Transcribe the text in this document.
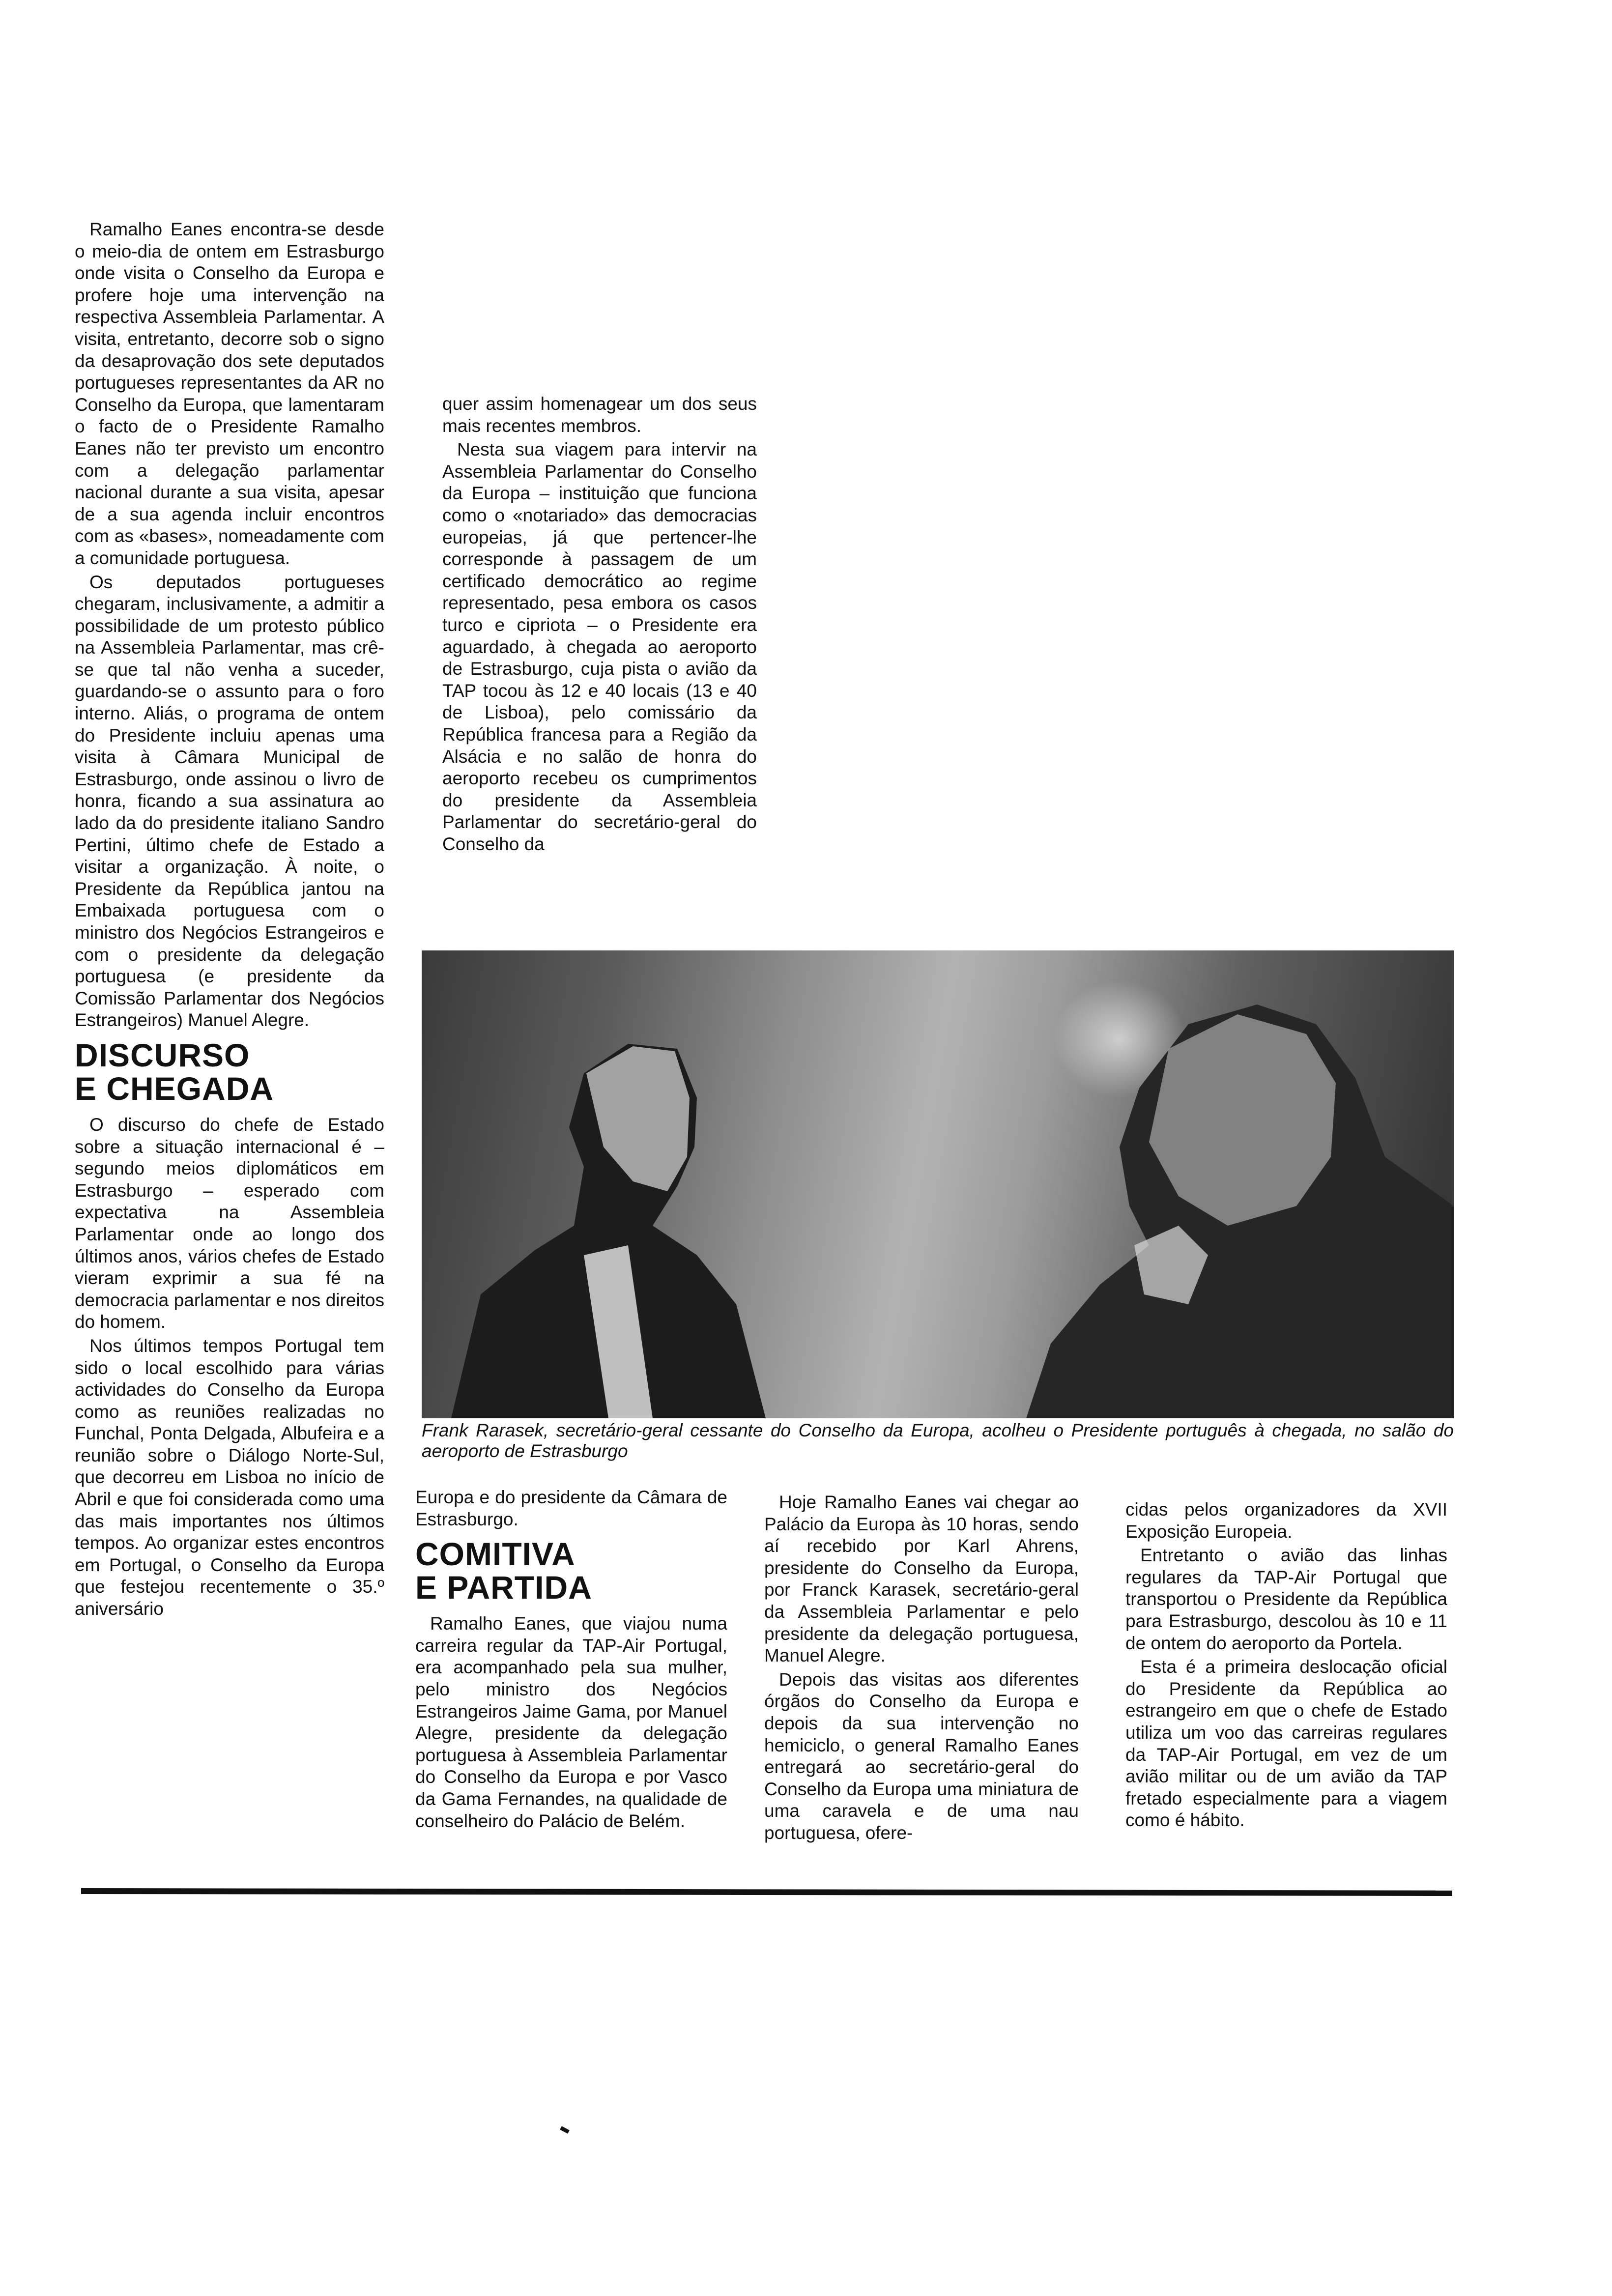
Ramalho Eanes encontra-se desde o meio-dia de ontem em Estrasburgo onde visita o Conselho da Europa e profere hoje uma intervenção na respectiva Assembleia Parlamentar. A visita, entretanto, decorre sob o signo da desaprovação dos sete deputados portugueses representantes da AR no Conselho da Europa, que lamentaram o facto de o Presidente Ramalho Eanes não ter previsto um encontro com a delegação parlamentar nacional durante a sua visita, apesar de a sua agenda incluir encontros com as «bases», nomeadamente com a comunidade portuguesa.

Os deputados portugueses chegaram, inclusivamente, a admitir a possibilidade de um protesto público na Assembleia Parlamentar, mas crê-se que tal não venha a suceder, guardando-se o assunto para o foro interno. Aliás, o programa de ontem do Presidente incluiu apenas uma visita à Câmara Municipal de Estrasburgo, onde assinou o livro de honra, ficando a sua assinatura ao lado da do presidente italiano Sandro Pertini, último chefe de Estado a visitar a organização. À noite, o Presidente da República jantou na Embaixada portuguesa com o ministro dos Negócios Estrangeiros e com o presidente da delegação portuguesa (e presidente da Comissão Parlamentar dos Negócios Estrangeiros) Manuel Alegre.

DISCURSO
E CHEGADA

O discurso do chefe de Estado sobre a situação internacional é – segundo meios diplomáticos em Estrasburgo – esperado com expectativa na Assembleia Parlamentar onde ao longo dos últimos anos, vários chefes de Estado vieram exprimir a sua fé na democracia parlamentar e nos direitos do homem.

Nos últimos tempos Portugal tem sido o local escolhido para várias actividades do Conselho da Europa como as reuniões realizadas no Funchal, Ponta Delgada, Albufeira e a reunião sobre o Diálogo Norte-Sul, que decorreu em Lisboa no início de Abril e que foi considerada como uma das mais importantes nos últimos tempos. Ao organizar estes encontros em Portugal, o Conselho da Europa que festejou recentemente o 35.º aniversário

quer assim homenagear um dos seus mais recentes membros.

Nesta sua viagem para intervir na Assembleia Parlamentar do Conselho da Europa – instituição que funciona como o «notariado» das democracias europeias, já que pertencer-lhe corresponde à passagem de um certificado democrático ao regime representado, pesa embora os casos turco e cipriota – o Presidente era aguardado, à chegada ao aeroporto de Estrasburgo, cuja pista o avião da TAP tocou às 12 e 40 locais (13 e 40 de Lisboa), pelo comissário da República francesa para a Região da Alsácia e no salão de honra do aeroporto recebeu os cumprimentos do presidente da Assembleia Parlamentar do secretário-geral do Conselho da

Frank Rarasek, secretário-geral cessante do Conselho da Europa, acolheu o Presidente português à chegada, no salão do aeroporto de Estrasburgo

Europa e do presidente da Câmara de Estrasburgo.

COMITIVA
E PARTIDA

Ramalho Eanes, que viajou numa carreira regular da TAP-Air Portugal, era acompanhado pela sua mulher, pelo ministro dos Negócios Estrangeiros Jaime Gama, por Manuel Alegre, presidente da delegação portuguesa à Assembleia Parlamentar do Conselho da Europa e por Vasco da Gama Fernandes, na qualidade de conselheiro do Palácio de Belém.

Hoje Ramalho Eanes vai chegar ao Palácio da Europa às 10 horas, sendo aí recebido por Karl Ahrens, presidente do Conselho da Europa, por Franck Karasek, secretário-geral da Assembleia Parlamentar e pelo presidente da delegação portuguesa, Manuel Alegre.

Depois das visitas aos diferentes órgãos do Conselho da Europa e depois da sua intervenção no hemiciclo, o general Ramalho Eanes entregará ao secretário-geral do Conselho da Europa uma miniatura de uma caravela e de uma nau portuguesa, ofere-

cidas pelos organizadores da XVII Exposição Europeia.

Entretanto o avião das linhas regulares da TAP-Air Portugal que transportou o Presidente da República para Estrasburgo, descolou às 10 e 11 de ontem do aeroporto da Portela.

Esta é a primeira deslocação oficial do Presidente da República ao estrangeiro em que o chefe de Estado utiliza um voo das carreiras regulares da TAP-Air Portugal, em vez de um avião militar ou de um avião da TAP fretado especialmente para a viagem como é hábito.
